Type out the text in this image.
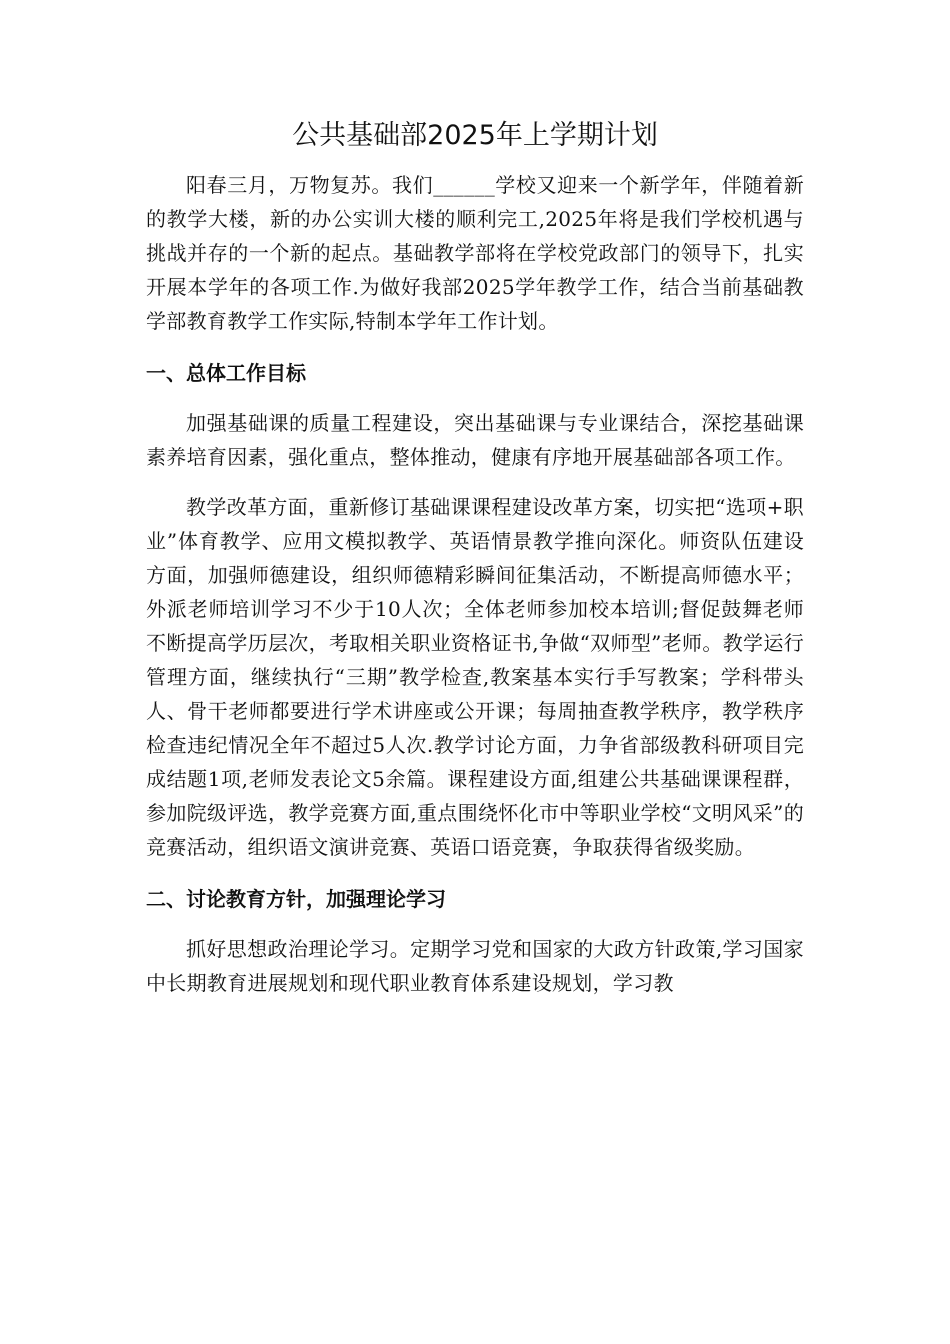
公共基础部2025年上学期计划

阳春三月，万物复苏。我们______学校又迎来一个新学年，伴随着新的教学大楼，新的办公实训大楼的顺利完工,2025年将是我们学校机遇与挑战并存的一个新的起点。基础教学部将在学校党政部门的领导下，扎实开展本学年的各项工作.为做好我部2025学年教学工作，结合当前基础教学部教育教学工作实际,特制本学年工作计划。

一、总体工作目标

加强基础课的质量工程建设，突出基础课与专业课结合，深挖基础课素养培育因素，强化重点，整体推动，健康有序地开展基础部各项工作。

教学改革方面，重新修订基础课课程建设改革方案，切实把“选项+职业”体育教学、应用文模拟教学、英语情景教学推向深化。师资队伍建设方面，加强师德建设，组织师德精彩瞬间征集活动，不断提高师德水平；外派老师培训学习不少于10人次；全体老师参加校本培训;督促鼓舞老师不断提高学历层次，考取相关职业资格证书,争做“双师型”老师。教学运行管理方面，继续执行“三期”教学检查,教案基本实行手写教案；学科带头人、骨干老师都要进行学术讲座或公开课；每周抽查教学秩序，教学秩序检查违纪情况全年不超过5人次.教学讨论方面，力争省部级教科研项目完成结题1项,老师发表论文5余篇。课程建设方面,组建公共基础课课程群，参加院级评选，教学竞赛方面,重点围绕怀化市中等职业学校“文明风采”的竞赛活动，组织语文演讲竞赛、英语口语竞赛，争取获得省级奖励。

二、讨论教育方针，加强理论学习

抓好思想政治理论学习。定期学习党和国家的大政方针政策,学习国家中长期教育进展规划和现代职业教育体系建设规划，学习教
